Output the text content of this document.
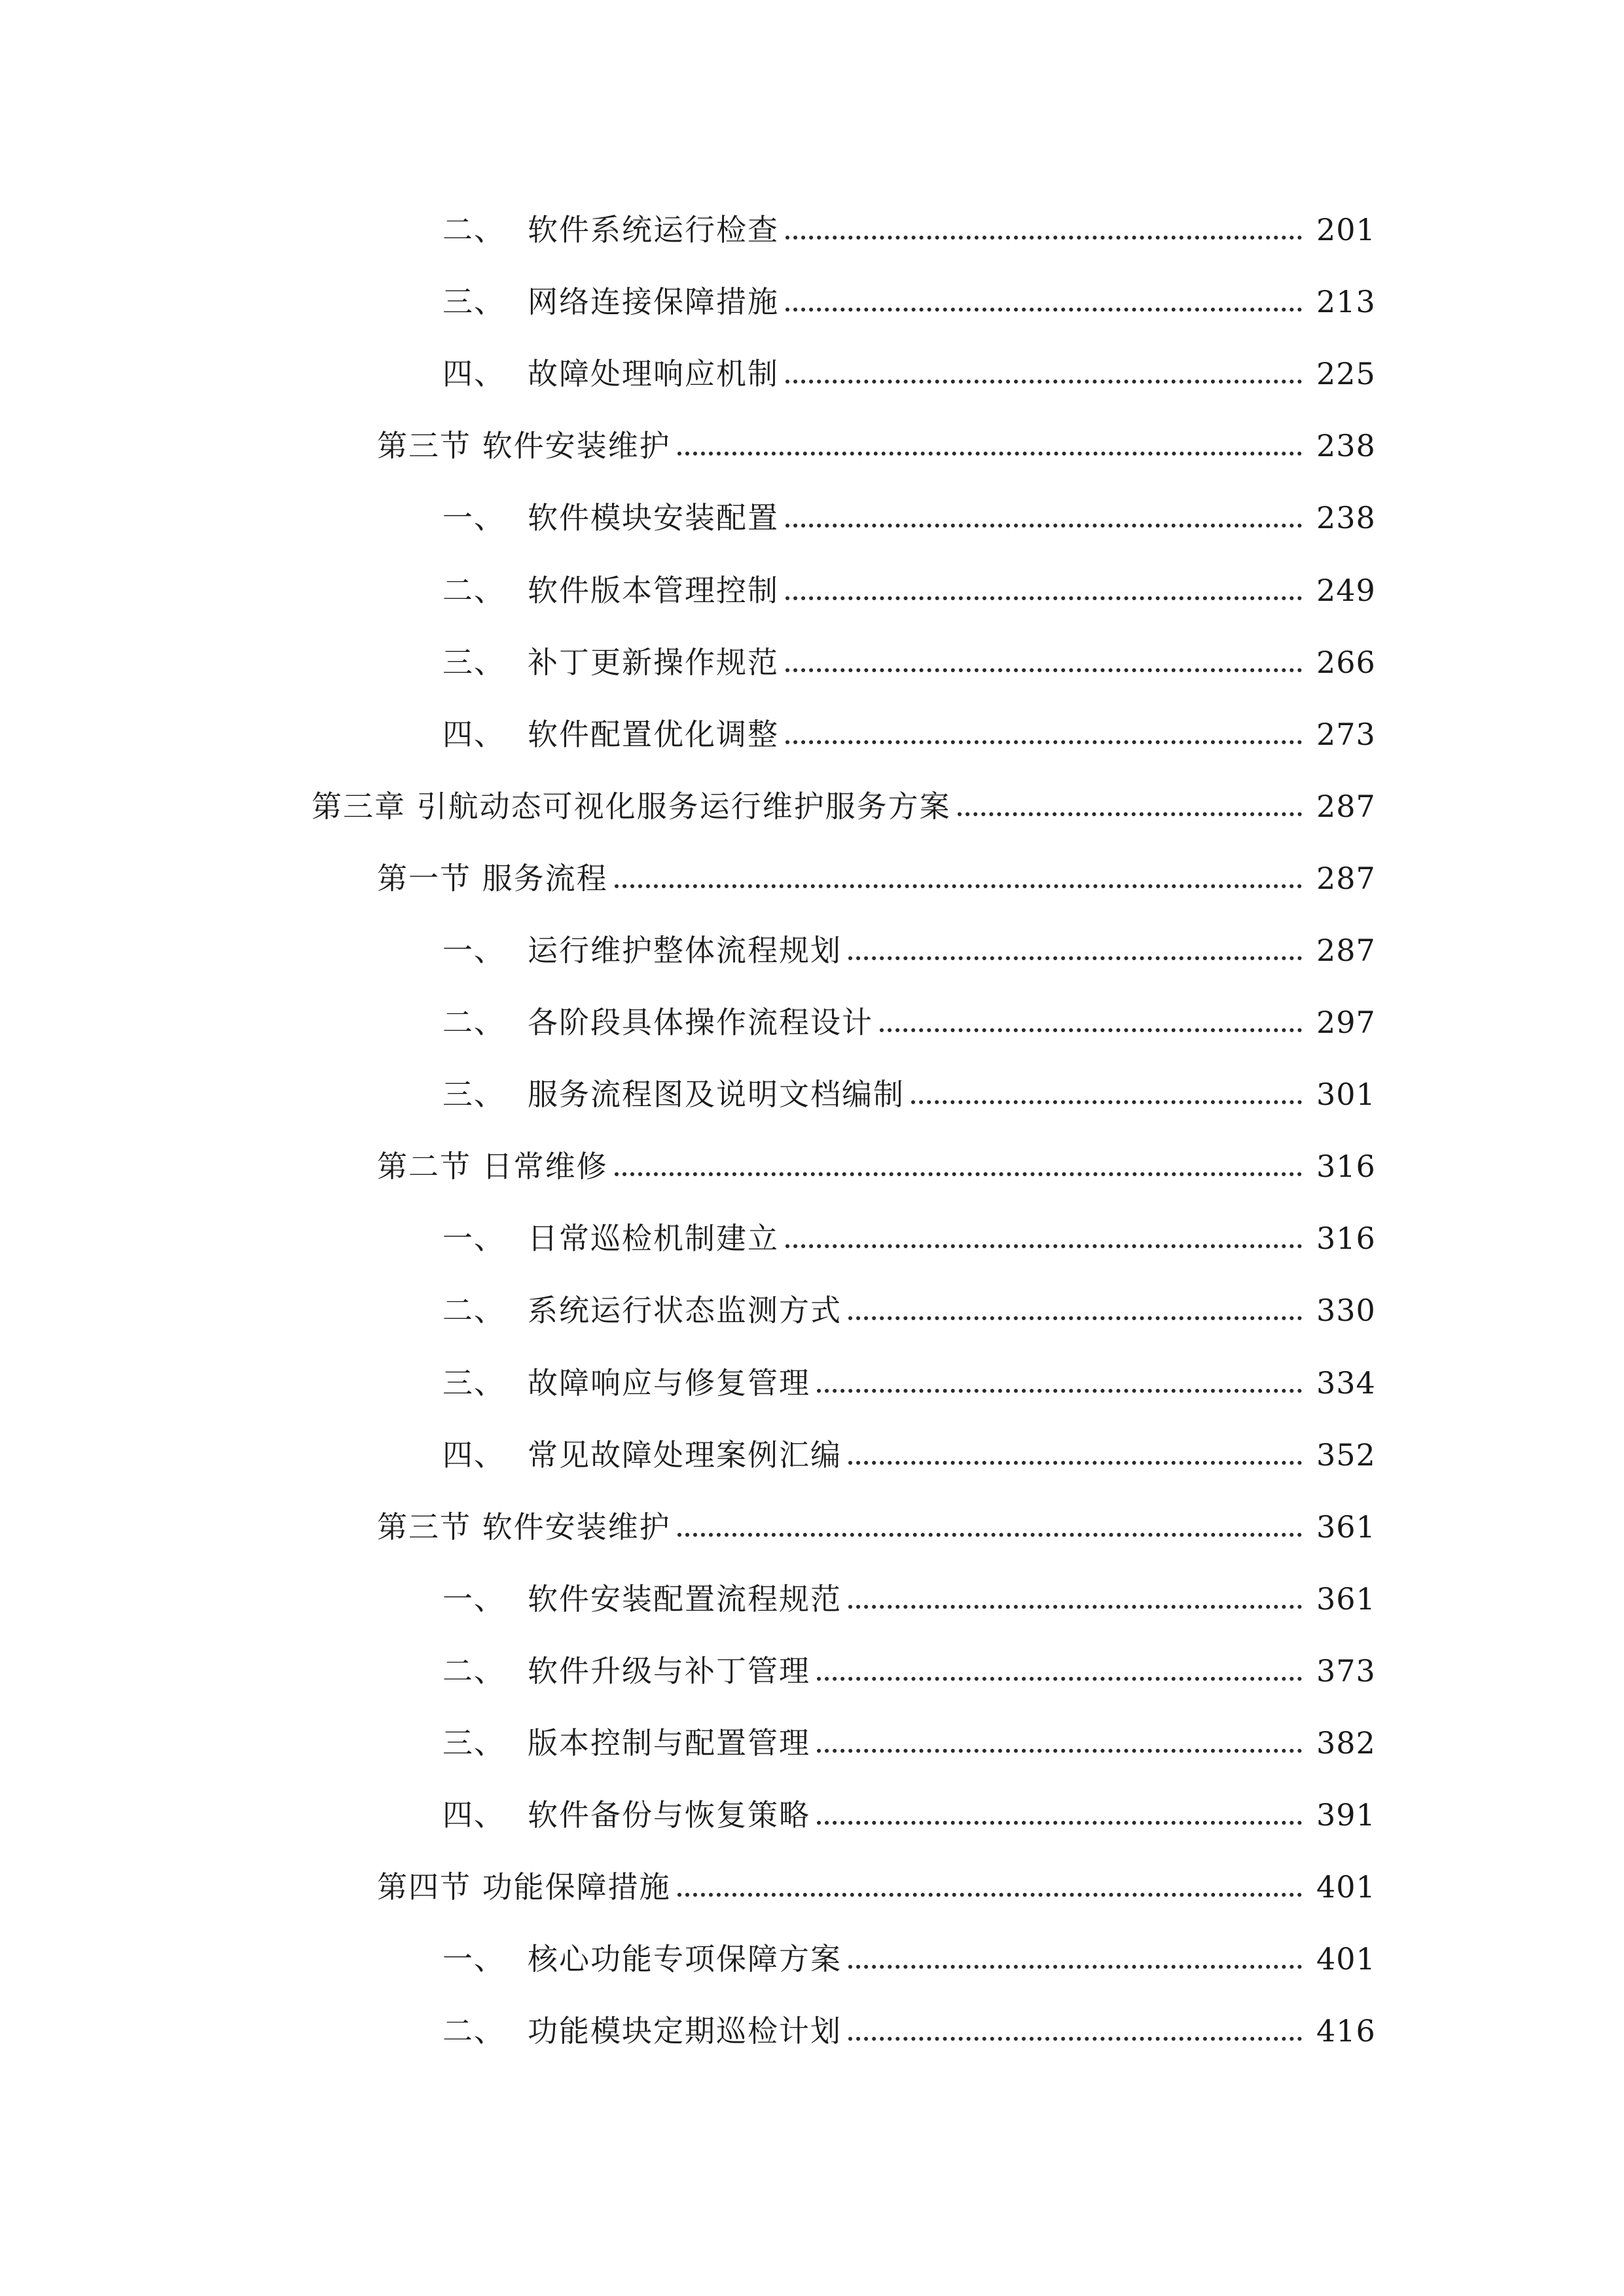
二、 软件系统运行检查	201
三、 网络连接保障措施	213
四、 故障处理响应机制	225
第三节 软件安装维护	238
一、 软件模块安装配置	238
二、 软件版本管理控制	249
三、 补丁更新操作规范	266
四、 软件配置优化调整	273
第三章 引航动态可视化服务运行维护服务方案	287
第一节 服务流程	287
一、 运行维护整体流程规划	287
二、 各阶段具体操作流程设计	297
三、 服务流程图及说明文档编制	301
第二节 日常维修	316
一、 日常巡检机制建立	316
二、 系统运行状态监测方式	330
三、 故障响应与修复管理	334
四、 常见故障处理案例汇编	352
第三节 软件安装维护	361
一、 软件安装配置流程规范	361
二、 软件升级与补丁管理	373
三、 版本控制与配置管理	382
四、 软件备份与恢复策略	391
第四节 功能保障措施	401
一、 核心功能专项保障方案	401
二、 功能模块定期巡检计划	416
